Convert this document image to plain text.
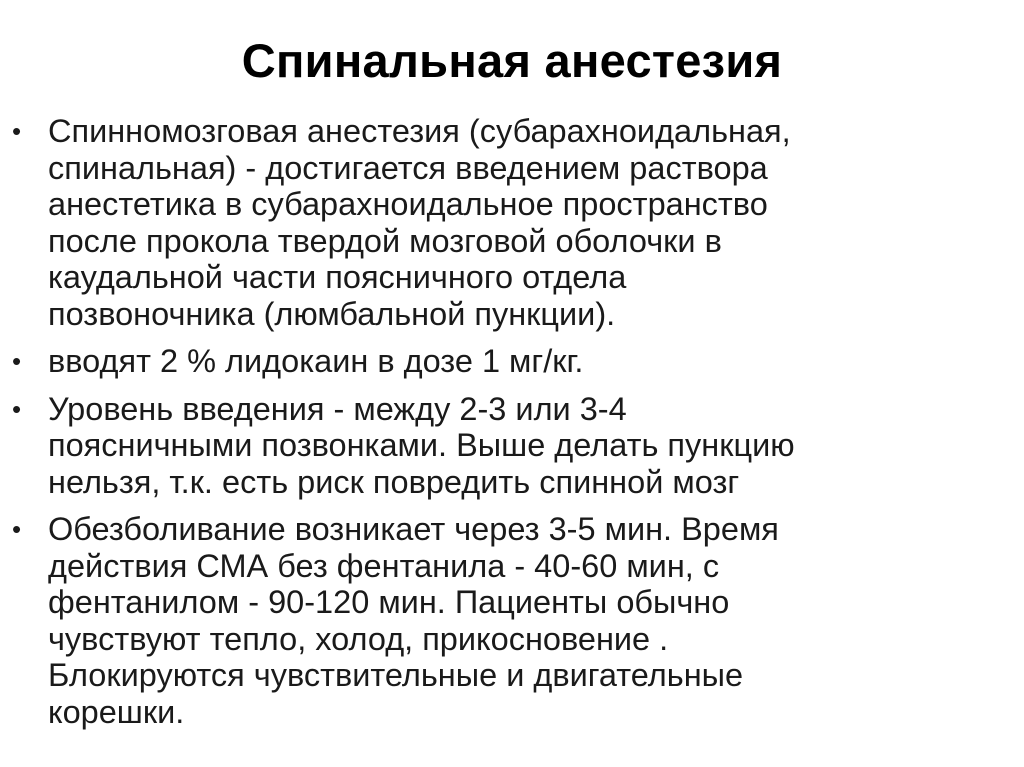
Спинальная анестезия
• Спинномозговая анестезия (субарахноидальная,
спинальная) - достигается введением раствора
анестетика в субарахноидальное пространство
после прокола твердой мозговой оболочки в
каудальной части поясничного отдела
позвоночника (люмбальной пункции).
• вводят 2 % лидокаин в дозе 1 мг/кг.
• Уровень введения - между 2-3 или 3-4
поясничными позвонками. Выше делать пункцию
нельзя, т.к. есть риск повредить спинной мозг
• Обезболивание возникает через 3-5 мин. Время
действия СМА без фентанила - 40-60 мин, с
фентанилом - 90-120 мин. Пациенты обычно
чувствуют тепло, холод, прикосновение .
Блокируются чувствительные и двигательные
корешки.
